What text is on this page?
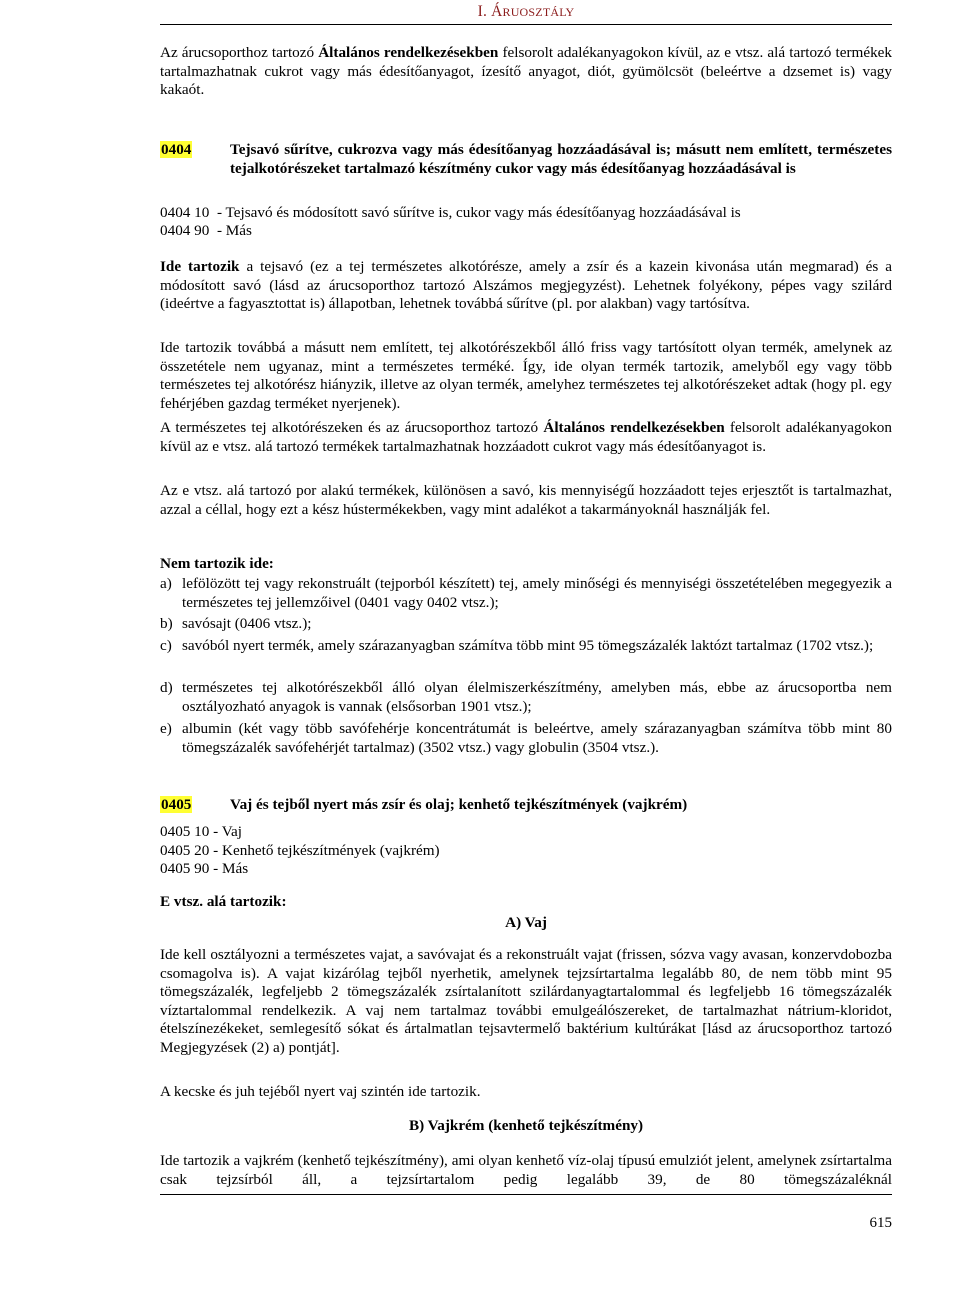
I. ÁRUOSZTÁLY

Az árucsoporthoz tartozó Általános rendelkezésekben felsorolt adalékanyagokon kívül, az e vtsz. alá tartozó termékek tartalmazhatnak cukrot vagy más édesítőanyagot, ízesítő anyagot, diót, gyümölcsöt (beleértve a dzsemet is) vagy kakaót.

0404	Tejsavó sűrítve, cukrozva vagy más édesítőanyag hozzáadásával is; másutt nem említett, természetes tejalkotórészeket tartalmazó készítmény cukor vagy más édesítőanyag hozzáadásával is
0404 10 - Tejsavó és módosított savó sűrítve is, cukor vagy más édesítőanyag hozzáadásával is
0404 90 - Más

Ide tartozik a tejsavó (ez a tej természetes alkotórésze, amely a zsír és a kazein kivonása után megmarad) és a módosított savó (lásd az árucsoporthoz tartozó Alszámos megjegyzést). Lehetnek folyékony, pépes vagy szilárd (ideértve a fagyasztottat is) állapotban, lehetnek továbbá sűrítve (pl. por alakban) vagy tartósítva.

Ide tartozik továbbá a másutt nem említett, tej alkotórészekből álló friss vagy tartósított olyan termék, amelynek az összetétele nem ugyanaz, mint a természetes terméké. Így, ide olyan termék tartozik, amelyből egy vagy több természetes tej alkotórész hiányzik, illetve az olyan termék, amelyhez természetes tej alkotórészeket adtak (hogy pl. egy fehérjében gazdag terméket nyerjenek).

A természetes tej alkotórészeken és az árucsoporthoz tartozó Általános rendelkezésekben felsorolt adalékanyagokon kívül az e vtsz. alá tartozó termékek tartalmazhatnak hozzáadott cukrot vagy más édesítőanyagot is.

Az e vtsz. alá tartozó por alakú termékek, különösen a savó, kis mennyiségű hozzáadott tejes erjesztőt is tartalmazhat, azzal a céllal, hogy ezt a kész hústermékekben, vagy mint adalékot a takarmányoknál használják fel.

Nem tartozik ide:
a) lefölözött tej vagy rekonstruált (tejporból készített) tej, amely minőségi és mennyiségi összetételében megegyezik a természetes tej jellemzőivel (0401 vagy 0402 vtsz.);
b) savósajt (0406 vtsz.);
c) savóból nyert termék, amely szárazanyagban számítva több mint 95 tömegszázalék laktózt tartalmaz (1702 vtsz.);
d) természetes tej alkotórészekből álló olyan élelmiszerkészítmény, amelyben más, ebbe az árucsoportba nem osztályozható anyagok is vannak (elsősorban 1901 vtsz.);
e) albumin (két vagy több savófehérje koncentrátumát is beleértve, amely szárazanyagban számítva több mint 80 tömegszázalék savófehérjét tartalmaz) (3502 vtsz.) vagy globulin (3504 vtsz.).
0405	Vaj és tejből nyert más zsír és olaj; kenhető tejkészítmények (vajkrém)
0405 10 - Vaj
0405 20 - Kenhető tejkészítmények (vajkrém)
0405 90 - Más
E vtsz. alá tartozik:
A) Vaj

Ide kell osztályozni a természetes vajat, a savóvajat és a rekonstruált vajat (frissen, sózva vagy avasan, konzervdobozba csomagolva is). A vajat kizárólag tejből nyerhetik, amelynek tejzsírtartalma legalább 80, de nem több mint 95 tömegszázalék, legfeljebb 2 tömegszázalék zsírtalanított szilárdanyagtartalommal és legfeljebb 16 tömegszázalék víztartalommal rendelkezik. A vaj nem tartalmaz további emulgeálószereket, de tartalmazhat nátrium-kloridot, ételszínezékeket, semlegesítő sókat és ártalmatlan tejsavtermelő baktérium kultúrákat [lásd az árucsoporthoz tartozó Megjegyzések (2) a) pontját].

A kecske és juh tejéből nyert vaj szintén ide tartozik.
B) Vajkrém (kenhető tejkészítmény)

Ide tartozik a vajkrém (kenhető tejkészítmény), ami olyan kenhető víz-olaj típusú emulziót jelent, amelynek zsírtartalma csak tejzsírból áll, a tejzsírtartalom pedig legalább 39, de 80 tömegszázaléknál

615
